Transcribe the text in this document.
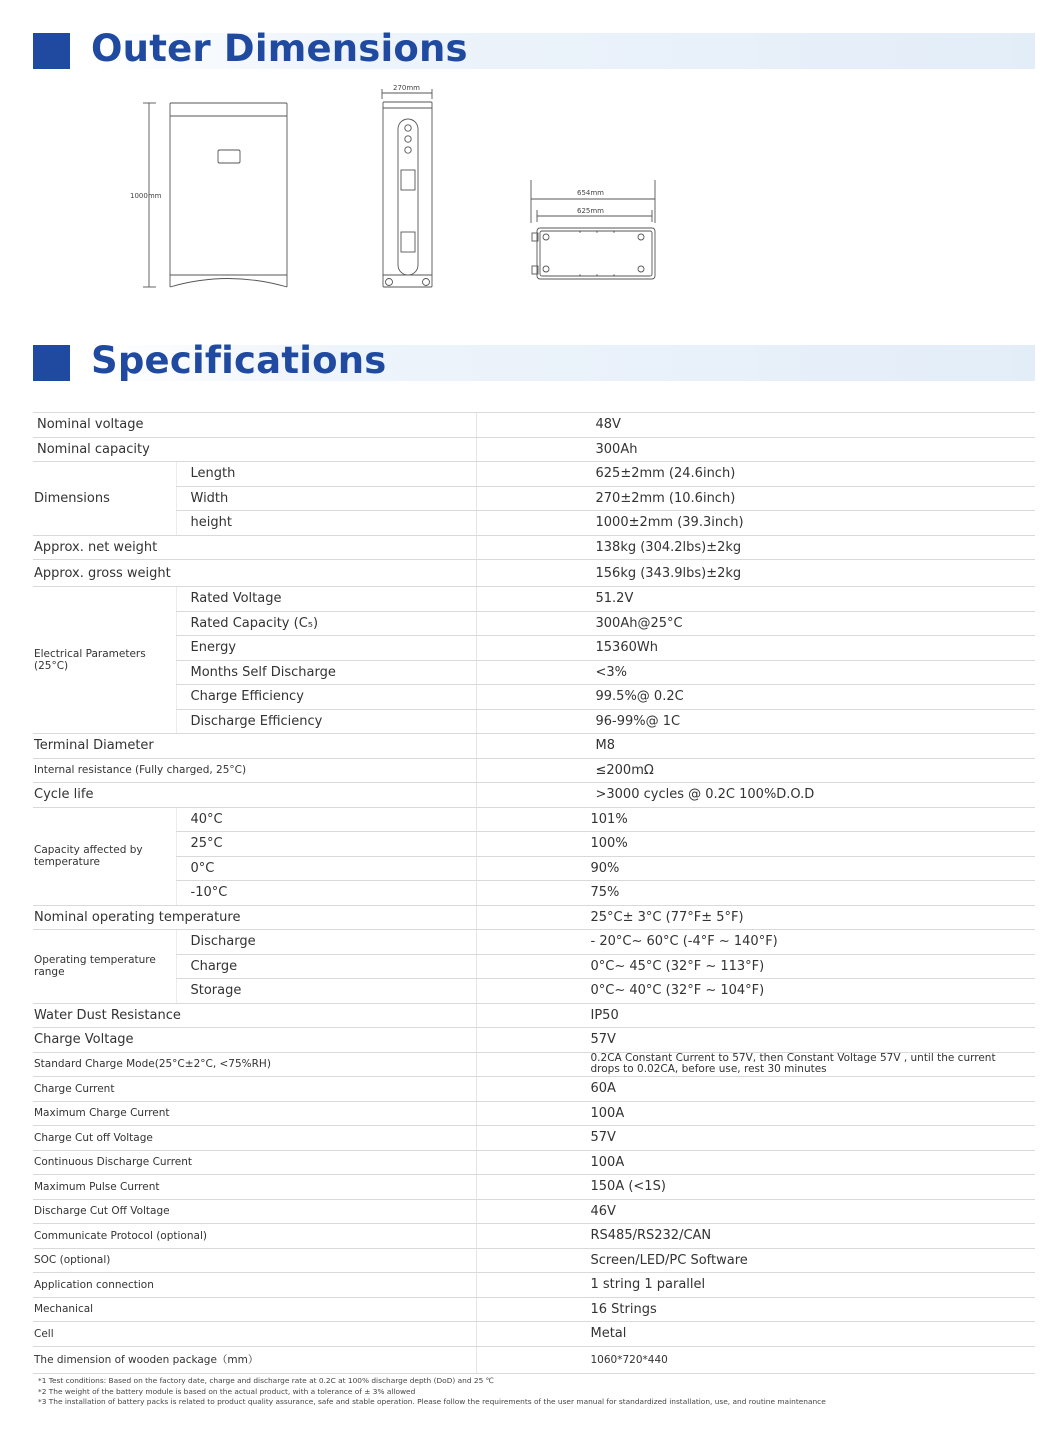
Outer Dimensions
1000mm
270mm
654mm
625mm
Specifications
Nominal voltage		48V
Nominal capacity		300Ah
Dimensions	Length	625±2mm (24.6inch)
	Width	270±2mm (10.6inch)
	height	1000±2mm (39.3inch)
Approx. net weight		138kg (304.2lbs)±2kg
Approx. gross weight		156kg (343.9lbs)±2kg

Electrical Parameters
(25°C)	Rated Voltage	51.2V
	Rated Capacity (C₅)	300Ah@25°C
	Energy	15360Wh
	Months Self Discharge	<3%
	Charge Efficiency	99.5%@ 0.2C
	Discharge Efficiency	96-99%@ 1C
Terminal Diameter		M8
Internal resistance (Fully charged, 25°C)		≤200mΩ
Cycle life		>3000 cycles @ 0.2C 100%D.O.D

Capacity affected by
temperature	40°C	101%
	25°C	100%
	0°C	90%
	-10°C	75%
Nominal operating temperature		25°C± 3°C (77°F± 5°F)

Operating temperature
range	Discharge	- 20°C~ 60°C (-4°F ~ 140°F)
	Charge	0°C~ 45°C (32°F ~ 113°F)
	Storage	0°C~ 40°C (32°F ~ 104°F)
Water Dust Resistance		IP50
Charge Voltage		57V
Standard Charge Mode(25°C±2°C, <75%RH)		0.2CA Constant Current to 57V, then Constant Voltage 57V , until the current
drops to 0.02CA, before use, rest 30 minutes

Charge Current		60A
Maximum Charge Current		100A
Charge Cut off Voltage		57V
Continuous Discharge Current		100A
Maximum Pulse Current		150A (<1S)
Discharge Cut Off Voltage		46V
Communicate Protocol (optional)		RS485/RS232/CAN
SOC (optional)		Screen/LED/PC Software
Application connection		1 string 1 parallel
Mechanical		16 Strings
Cell		Metal
The dimension of wooden package（mm）		1060*720*440
*1 Test conditions: Based on the factory date, charge and discharge rate at 0.2C at 100% discharge depth (DoD) and 25 ℃
*2 The weight of the battery module is based on the actual product, with a tolerance of ± 3% allowed
*3 The installation of battery packs is related to product quality assurance, safe and stable operation. Please follow the requirements of the user manual for standardized installation, use, and routine maintenance
